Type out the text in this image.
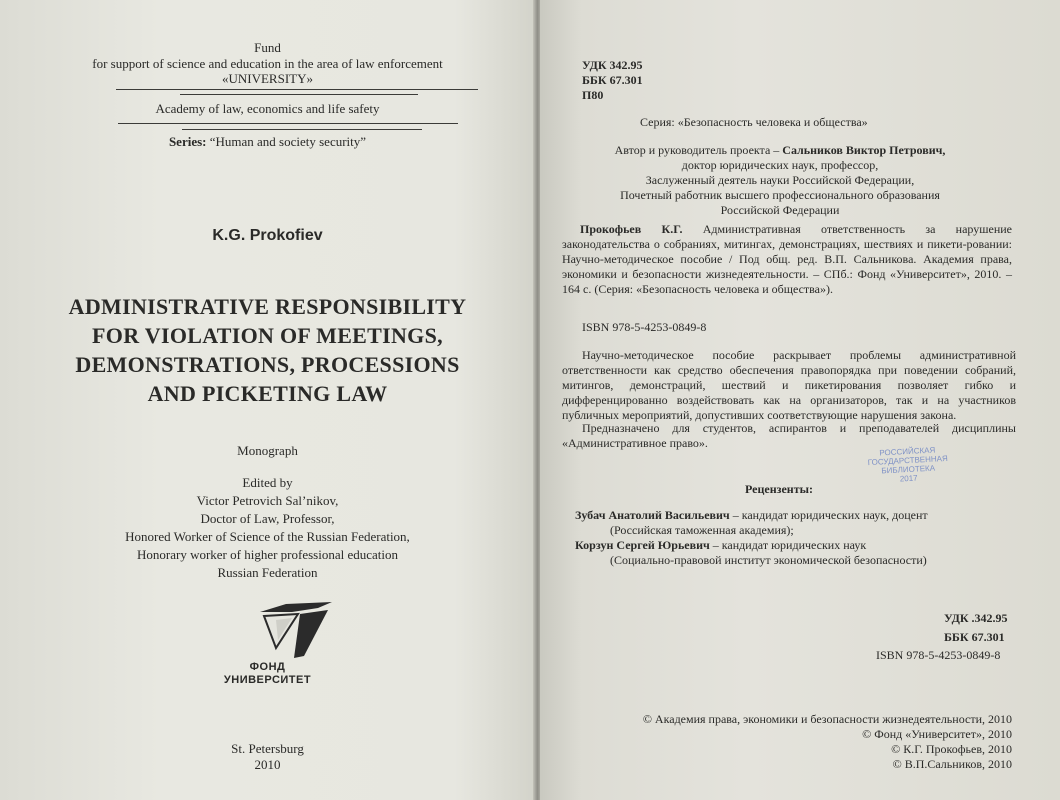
Fund
for support of science and education in the area of law enforcement
«UNIVERSITY»
Academy of law, economics and life safety
Series: “Human and society security”
K.G. Prokofiev
ADMINISTRATIVE RESPONSIBILITY
FOR VIOLATION OF MEETINGS,
DEMONSTRATIONS, PROCESSIONS
AND PICKETING LAW
Monograph
Edited by
Victor Petrovich Sal’nikov,
Doctor of Law, Professor,
Honored Worker of Science of the Russian Federation,
Honorary worker of higher professional education
Russian Federation
ФОНД
УНИВЕРСИТЕТ
St. Petersburg
2010
УДК 342.95
ББК 67.301
П80
Серия: «Безопасность человека и общества»
Автор и руководитель проекта – Сальников Виктор Петрович,
доктор юридических наук, профессор,
Заслуженный деятель науки Российской Федерации,
Почетный работник высшего профессионального образования
Российской Федерации
Прокофьев К.Г. Административная ответственность за нарушение законодательства о собраниях, митингах, демонстрациях, шествиях и пикети-ровании: Научно-методическое пособие / Под общ. ред. В.П. Сальникова. Академия права, экономики и безопасности жизнедеятельности. – СПб.: Фонд «Университет», 2010. – 164 с. (Серия: «Безопасность человека и общества»).
ISBN 978-5-4253-0849-8
Научно-методическое пособие раскрывает проблемы административной ответственности как средство обеспечения правопорядка при поведении собраний, митингов, демонстраций, шествий и пикетирования позволяет гибко и дифференцированно воздействовать как на организаторов, так и на участников публичных мероприятий, допустивших соответствующие нарушения закона.
Предназначено для студентов, аспирантов и преподавателей дисциплины «Административное право».
РОССИЙСКАЯ
ГОСУДАРСТВЕННАЯ
БИБЛИОТЕКА
2017
Рецензенты:
Зубач Анатолий Васильевич – кандидат юридических наук, доцент
(Российская таможенная академия);
Корзун Сергей Юрьевич – кандидат юридических наук
(Социально-правовой институт экономической безопасности)
УДК .342.95
ББК 67.301
ISBN 978-5-4253-0849-8
© Академия права, экономики и безопасности жизнедеятельности, 2010
© Фонд «Университет», 2010
© К.Г. Прокофьев, 2010
© В.П.Сальников, 2010
